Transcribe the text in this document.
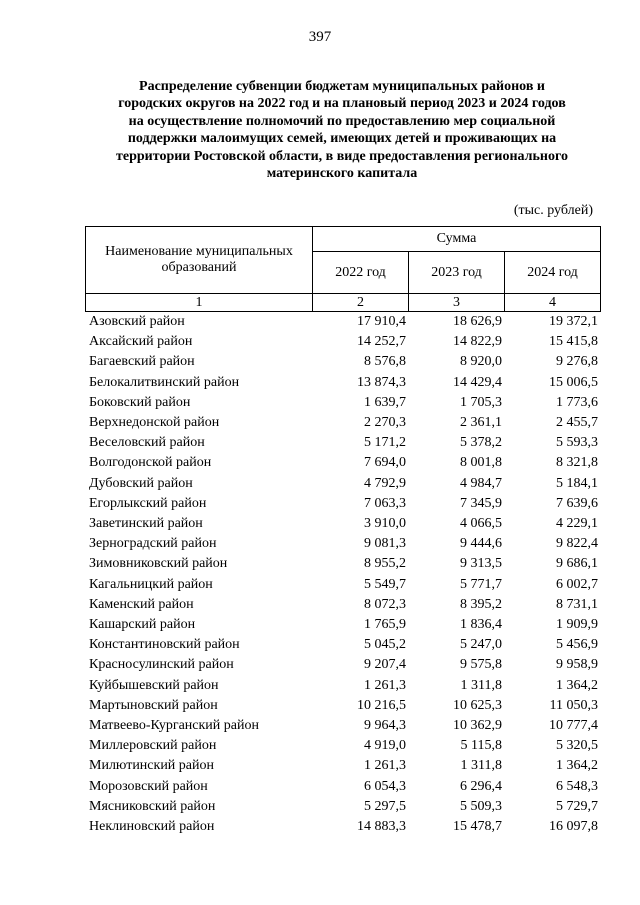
397
Распределение субвенции бюджетам муниципальных районов и
городских округов на 2022 год и на плановый период 2023 и 2024 годов
на осуществление полномочий по предоставлению мер социальной
поддержки малоимущих семей, имеющих детей и проживающих на
территории Ростовской области, в виде предоставления регионального
материнского капитала
(тыс. рублей)
Наименование муниципальных
образований	Сумма		
	2022 год	2023 год	2024 год
1	2	3	4
Азовский район	17 910,4	18 626,9	19 372,1
Аксайский район	14 252,7	14 822,9	15 415,8
Багаевский район	8 576,8	8 920,0	9 276,8
Белокалитвинский район	13 874,3	14 429,4	15 006,5
Боковский район	1 639,7	1 705,3	1 773,6
Верхнедонской район	2 270,3	2 361,1	2 455,7
Веселовский район	5 171,2	5 378,2	5 593,3
Волгодонской район	7 694,0	8 001,8	8 321,8
Дубовский район	4 792,9	4 984,7	5 184,1
Егорлыкский район	7 063,3	7 345,9	7 639,6
Заветинский район	3 910,0	4 066,5	4 229,1
Зерноградский район	9 081,3	9 444,6	9 822,4
Зимовниковский район	8 955,2	9 313,5	9 686,1
Кагальницкий район	5 549,7	5 771,7	6 002,7
Каменский район	8 072,3	8 395,2	8 731,1
Кашарский район	1 765,9	1 836,4	1 909,9
Константиновский район	5 045,2	5 247,0	5 456,9
Красносулинский район	9 207,4	9 575,8	9 958,9
Куйбышевский район	1 261,3	1 311,8	1 364,2
Мартыновский район	10 216,5	10 625,3	11 050,3
Матвеево-Курганский район	9 964,3	10 362,9	10 777,4
Миллеровский район	4 919,0	5 115,8	5 320,5
Милютинский район	1 261,3	1 311,8	1 364,2
Морозовский район	6 054,3	6 296,4	6 548,3
Мясниковский район	5 297,5	5 509,3	5 729,7
Неклиновский район	14 883,3	15 478,7	16 097,8
